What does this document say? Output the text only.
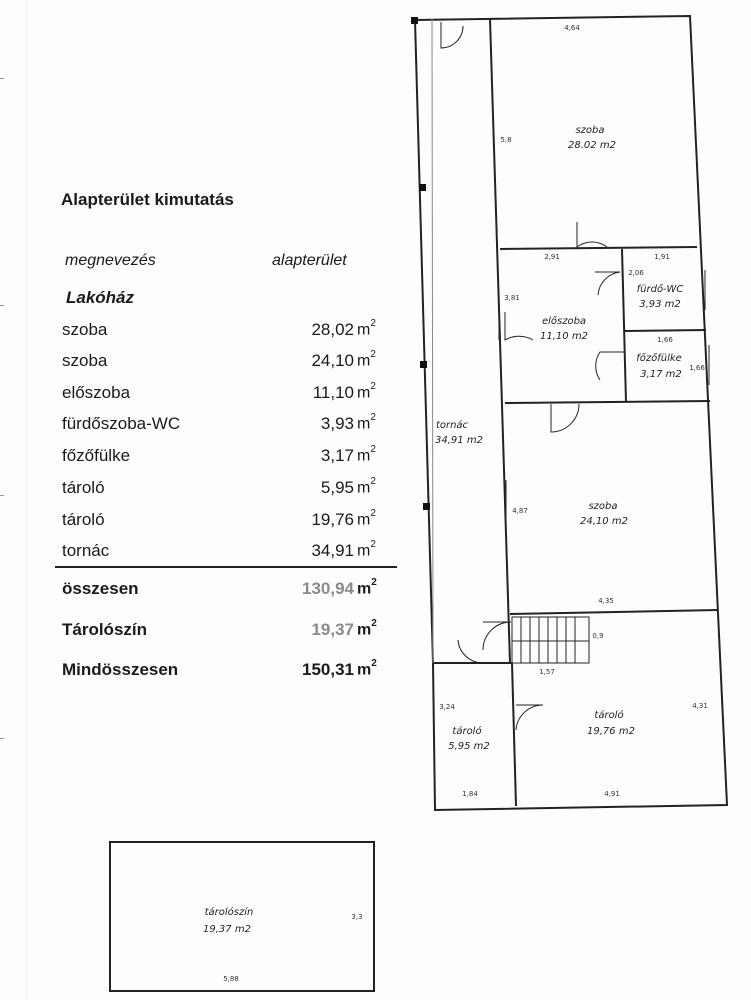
Alapterület kimutatás
megnevezés	alapterület
Lakóház
szoba	28,02 $m^2$
szoba	24,10 $m^2$
előszoba	11,10 $m^2$
fürdőszoba-WC	3,93 $m^2$
főzőfülke	3,17 $m^2$
tároló	5,95 $m^2$
tároló	19,76 $m^2$
tornác	34,91 $m^2$
összesen	130,94 $m^2$
Tárolószín	19,37 $m^2$
Mindösszesen	150,31 $m^2$
szoba
28.02 m2
fürdő-WC
3,93 m2
előszoba
11,10 m2
főzőfülke
3,17 m2
tornác
34,91 m2
szoba
24,10 m2
tároló
5,95 m2
tároló
19,76 m2
tárolószín
19,37 m2
4,64
5,8
2,91	1,91
2,06
3,81
1,66
1,66
4,87
4,35
0,9
1,57
3,24	4,31
1,84	4,91
3,3
5,88
